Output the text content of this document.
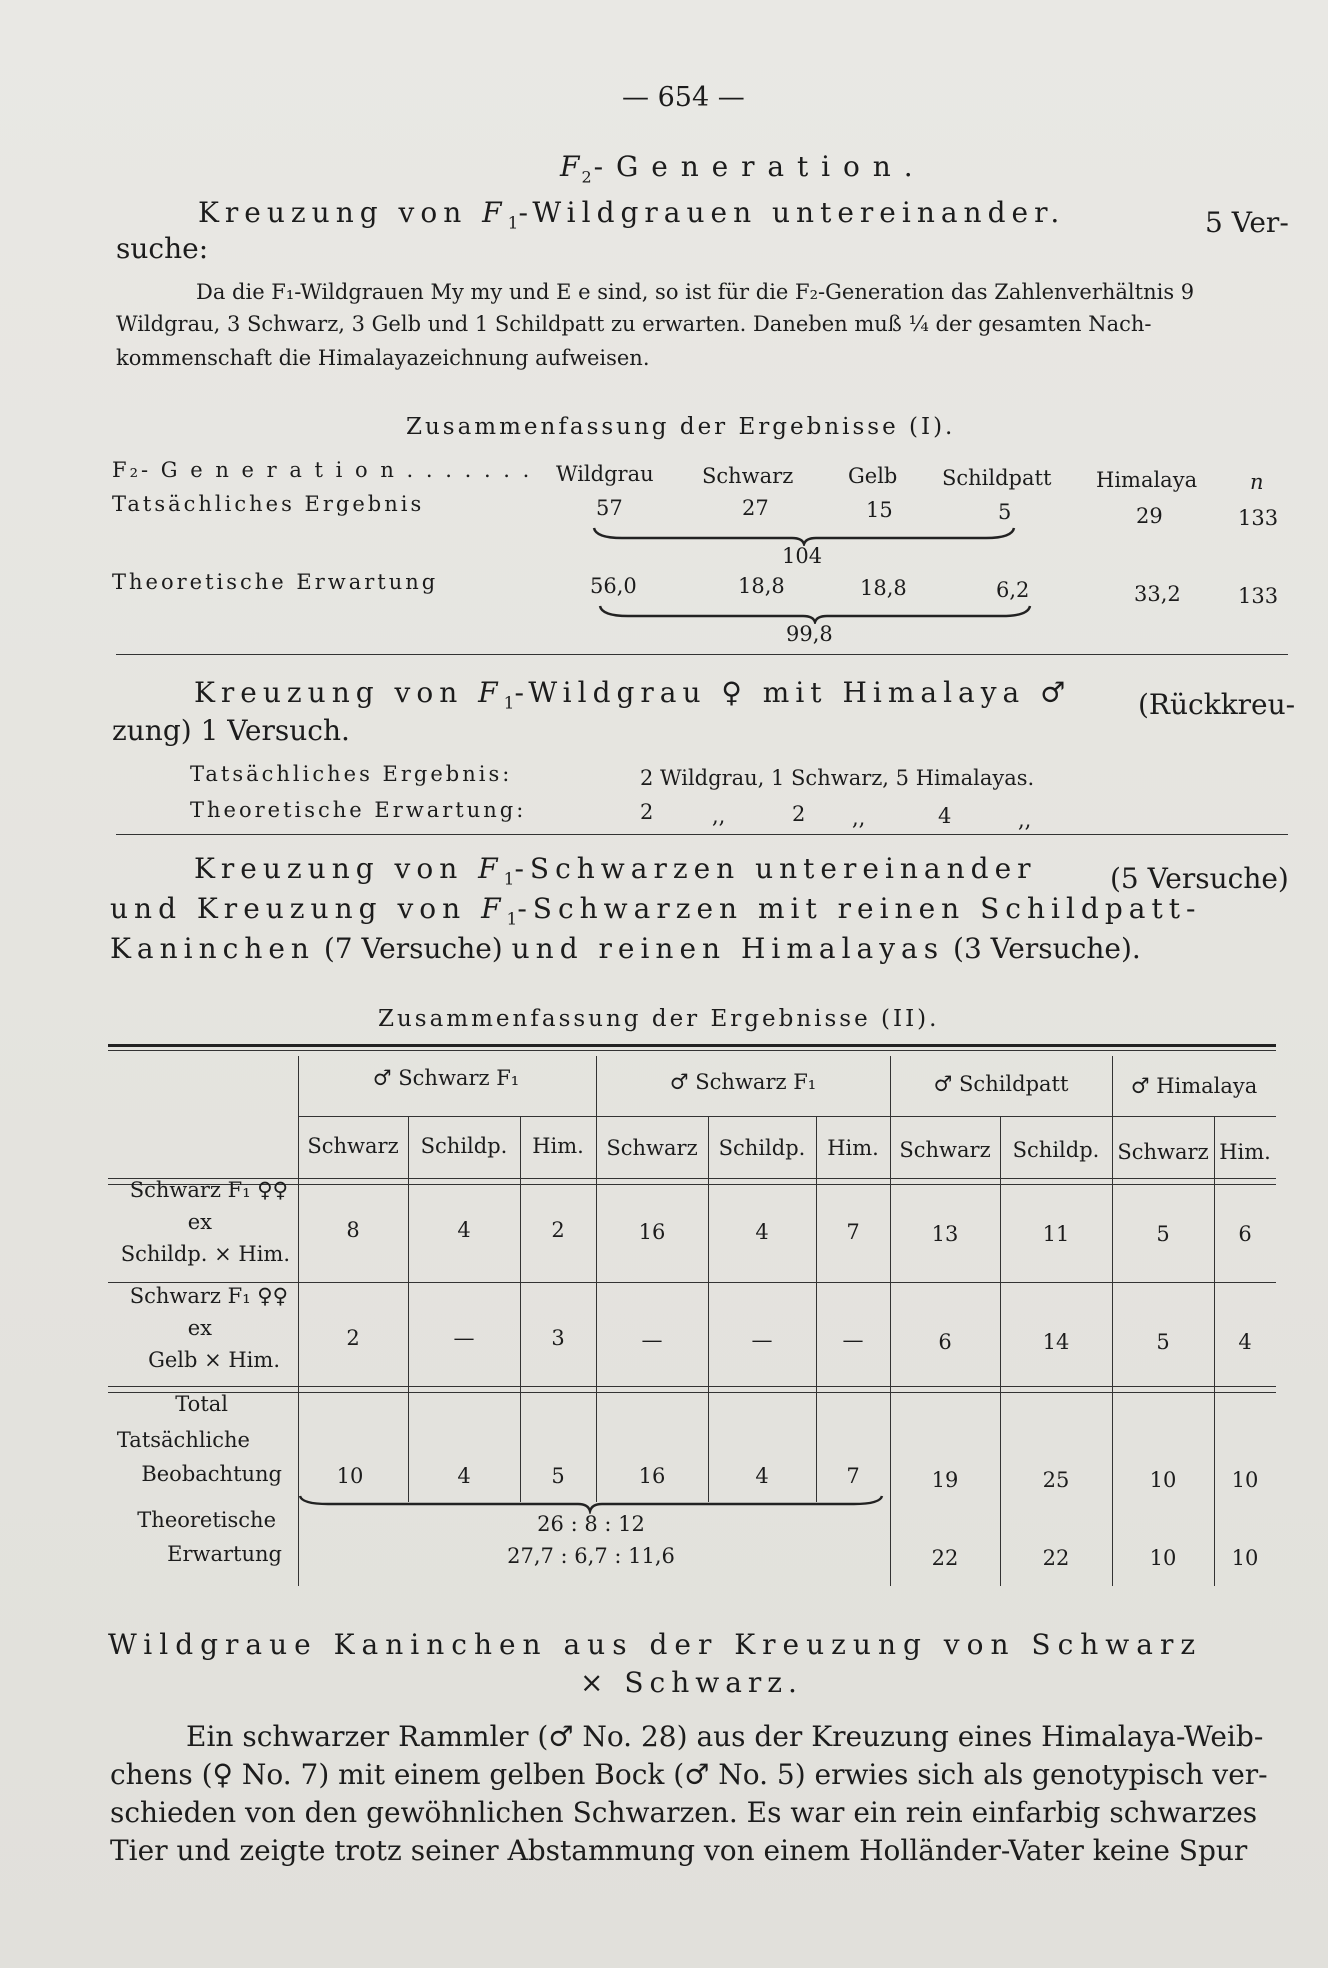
— 654 —
$F_2-$ G e n e r a t i o n .
Kreuzung von $F_1$-Wildgrauen untereinander.	5 Ver-
suche:
Da die F₁-Wildgrauen My my und E e sind, so ist für die F₂-Generation das Zahlenverhältnis 9
Wildgrau, 3 Schwarz, 3 Gelb und 1 Schildpatt zu erwarten. Daneben muß ¼ der gesamten Nach-
kommenschaft die Himalayazeichnung aufweisen.
Zusammenfassung der Ergebnisse (I).
F₂- G e n e r a t i o n . . . . . . . Wildgrau Schwarz	Gelb Schildpatt Himalaya	n
Tatsächliches Ergebnis	57	27	15	5	29	133
104
Theoretische Erwartung	56,0	18,8	18,8	6,2	33,2	133
99,8
Kreuzung von $F_1$-Wildgrau ♀ mit Himalaya ♂ (Rückkreu-
zung) 1 Versuch.
Tatsächliches Ergebnis:	2 Wildgrau, 1 Schwarz, 5 Himalayas.
Theoretische Erwartung:	2	,,	2 ,,	4	,,
Kreuzung von $F_1$-Schwarzen untereinander	(5 Versuche)
und Kreuzung von $F_1$-Schwarzen mit reinen Schildpatt-
Kaninchen (7 Versuche) und reinen Himalayas (3 Versuche).
Zusammenfassung der Ergebnisse (II).
♂ Schwarz F₁	♂ Schwarz F₁	♂ Schildpatt	♂ Himalaya
Schwarz	Schildp.	Him.	Schwarz	Schildp.	Him. Schwarz	Schildp. Schwarz Him.
Schwarz F₁ ♀♀
ex
Schildp. × Him.
8	4	2	16	4	7	13	11	5	6
Schwarz F₁ ♀♀
ex
Gelb × Him.
2	—	3	—	—	—	6	14	5	4
Total
Tatsächliche
Beobachtung	10	4	5	16	4	7	19	25	10	10
Theoretische
Erwartung
26 : 8 : 12
27,7 : 6,7 : 11,6	22	22	10	10
Wildgraue Kaninchen aus der Kreuzung von Schwarz
× Schwarz.
Ein schwarzer Rammler (♂ No. 28) aus der Kreuzung eines Himalaya-Weib-
chens (♀ No. 7) mit einem gelben Bock (♂ No. 5) erwies sich als genotypisch ver-
schieden von den gewöhnlichen Schwarzen. Es war ein rein einfarbig schwarzes
Tier und zeigte trotz seiner Abstammung von einem Holländer-Vater keine Spur
